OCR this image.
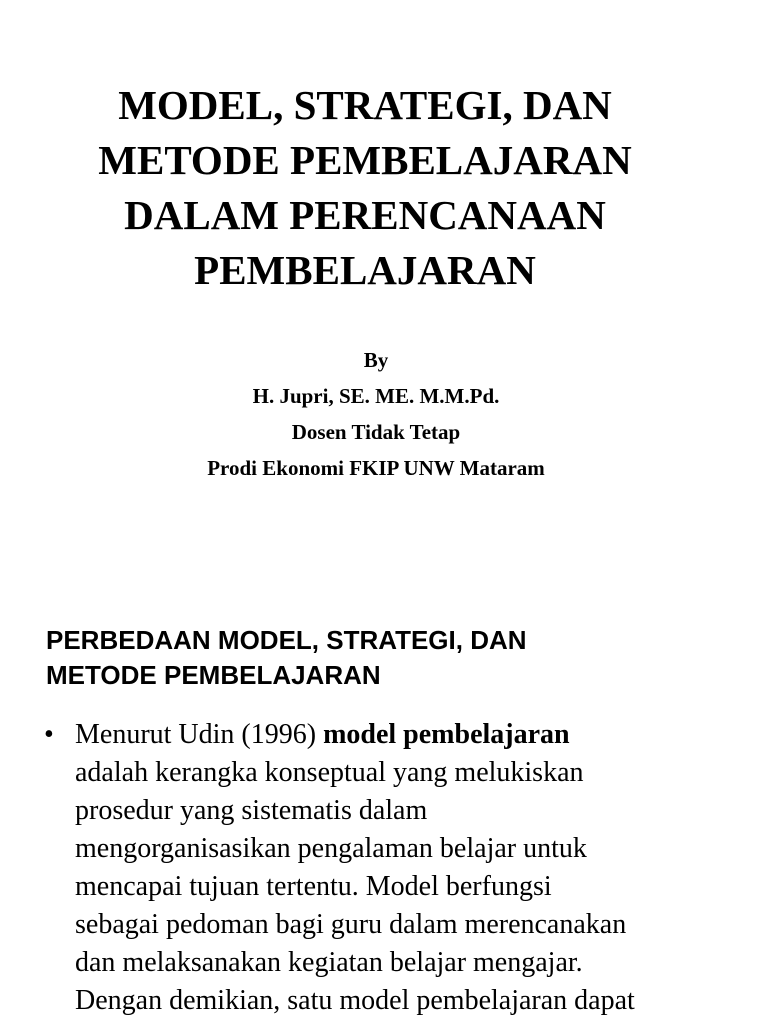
MODEL, STRATEGI, DAN
METODE PEMBELAJARAN
DALAM PERENCANAAN
PEMBELAJARAN
By
H. Jupri, SE. ME. M.M.Pd.
Dosen Tidak Tetap
Prodi Ekonomi FKIP UNW Mataram
PERBEDAAN MODEL, STRATEGI, DAN
METODE PEMBELAJARAN
• Menurut Udin (1996) model pembelajaran
adalah kerangka konseptual yang melukiskan
prosedur yang sistematis dalam
mengorganisasikan pengalaman belajar untuk
mencapai tujuan tertentu. Model berfungsi
sebagai pedoman bagi guru dalam merencanakan
dan melaksanakan kegiatan belajar mengajar.
Dengan demikian, satu model pembelajaran dapat
